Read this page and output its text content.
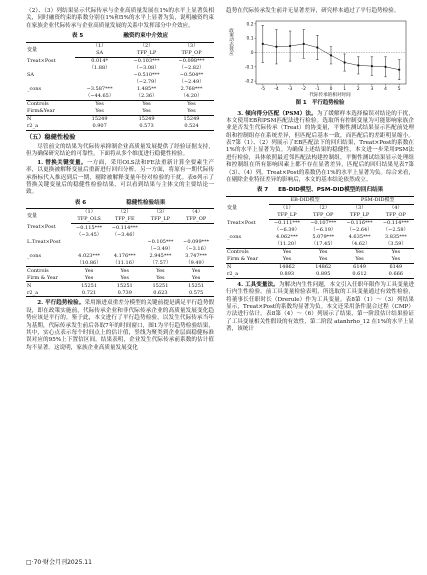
（2）、（3）列结果显示代际传承与企业高质量发展在1%的水平上显著负相关，同时融资约束的系数分别在1%和5%的水平上显著为负，说明融资约束在家族企业代际传承与企业高质量发展的关系中发挥部分中介效应。

表 5	融资约束中介效应
变量	（1）	（2）	（3）
	SA	TFP_LP	TFP_OP
Treat×Post	0.014*	−0.103***	−0.098***
	（1.88）	（−3.08）	（−2.82）
SA		−0.510***	−0.504**
		（−2.79）	（−2.49）
_cons	−3.587***	1.485**	2.768***
	（−44.65）	（2.36）	（4.20）
Controls	Yes	Yes	Yes
Firm&Year	Yes	Yes	Yes
N	15249	15249	15249
r2_a	0.907	0.573	0.524
（五）稳健性检验

尽管前文的结果为代际传承抑制企业高质量发展提供了经验证据支持，但为确保研究结论的可靠性，下面将从多个维度进行稳健性检验。

1. 替换关键变量。一方面，采用OLS法和FE法重新计算全要素生产率，以更换被解释变量后重新进行回归分析。另一方面，将原有一期代际传承指标代入推迟到后一期，剔除被解释变量年份对检验的干扰。表6列示了替换关键变量后的稳健性检验结果，可以看到结果与主体文的主要结论一致。

表 6	稳健性检验结果
变量	（1）	（2）	（3）	（4）
	TFP_OLS	TFP_FE	TFP_LP	TFP_OP
Treat×Post	−0.115***	−0.114***		
	（−3.45）	（−3.46）		
L.Treat×Post			−0.105***	−0.099***
			（−3.49）	（−3.16）
_cons	4.023***	4.176***	2.945***	3.747***
	（10.86）	（11.16）	（7.57）	（9.49）
Controls	Yes	Yes	Yes	Yes
Firm & Year	Yes	Yes	Yes	Yes
N	15251	15251	15251	15251
r2_a	0.721	0.739	0.623	0.575

2. 平行趋势检验。采用渐进双重差分模型的关键前提是满足平行趋势假设，即在政策实施前，代际传承企业和非代际传承企业的高质量发展变化趋势应该是平行的。鉴于此，本文进行了平行趋势检验，以发生代际传承当年为基期，代际传承发生前后各取7年的时间窗口，图1为平行趋势检验结果，其中，实心点表示每个时间点上的估计值，竖线为聚类到企业层面稳健标准误对应的95%上下置信区间。结果表明，企业发生代际传承前系数的估计值均不显著。这说明，家族企业高质量发展变化

趋势在代际传承发生前并无显著差异，研究样本通过了平行趋势检验。

0.2
0.1
0
-0.1
-0.2
-5 -4 -3 -2 -1 0 1 2 3 4 5
政策动态效应
代际传承的相对时间
图 1　平行趋势检验

3. 倾向得分匹配（PSM）法。为了缓解样本选择偏误对结论的干扰，本文使用EB和PSM匹配法进行检验。选取所有控制变量为可能影响家族企业是否发生代际传承（Treat）的协变量，平衡性测试结果显示匹配前处理组和控制组存在系统差异，但匹配后基本一致，而匹配后的差距明显缩小。表7第（1）、（2）列展示了EB匹配法下的回归结果，Treat×Post的系数在1%的水平上显著为负。为确保上述结果的稳健性，本文进一步采用PSM法进行检验，具体依照最近邻匹配法构建控制组，平衡性测试结果显示处理组和控制组在所有影响因素上都不存在显著差异，匹配后的回归结果见表7第（3）、（4）列，Treat×Post的系数仍在1%的水平上显著为负。综合来看，在剔除企业特征差异的影响后，本文的基本结论依然成立。

表 7 EB-DID模型、PSM-DID模型的回归结果
变量	EB-DID模型		PSM-DID模型	
	（1）	（2）	（3）	（4）
	TFP_LP	TFP_OP	TFP_LP	TFP_OP
Treat×Post	−0.111***	−0.107***	−0.116***	−0.114***
	（−6.39）	（−6.19）	（−2.64）	（−2.58）
_cons	4.062***	5.079***	4.635***	3.835***
	（11.20）	（17.45）	（4.62）	（3.59）
Controls	Yes	Yes	Yes	Yes
Firm & Year	Yes	Yes	Yes	Yes
N	14862	14862	6149	6149
r2_a	0.893	0.895	0.612	0.666

4. 工具变量法。为解决内生性问题，本文引入任职年限作为工具变量进行内生性检验。前工具变量检验表明，所选取的工具变量通过有效性检验，将董事长任职时长（Drerule）作为工具变量。表8第（1）～（3）列结果显示，Treat×Post的系数均显著为负。本文还采用条件混合过程（CMP）方法进行估计。表8第（4）～（6）列展示了结果，第一阶段估计结果验证了工具变量相关性假设的有效性，第二阶段 atanhrho_12 在1%的水平上显著，该统计

□·70·财会月刊2025.11
